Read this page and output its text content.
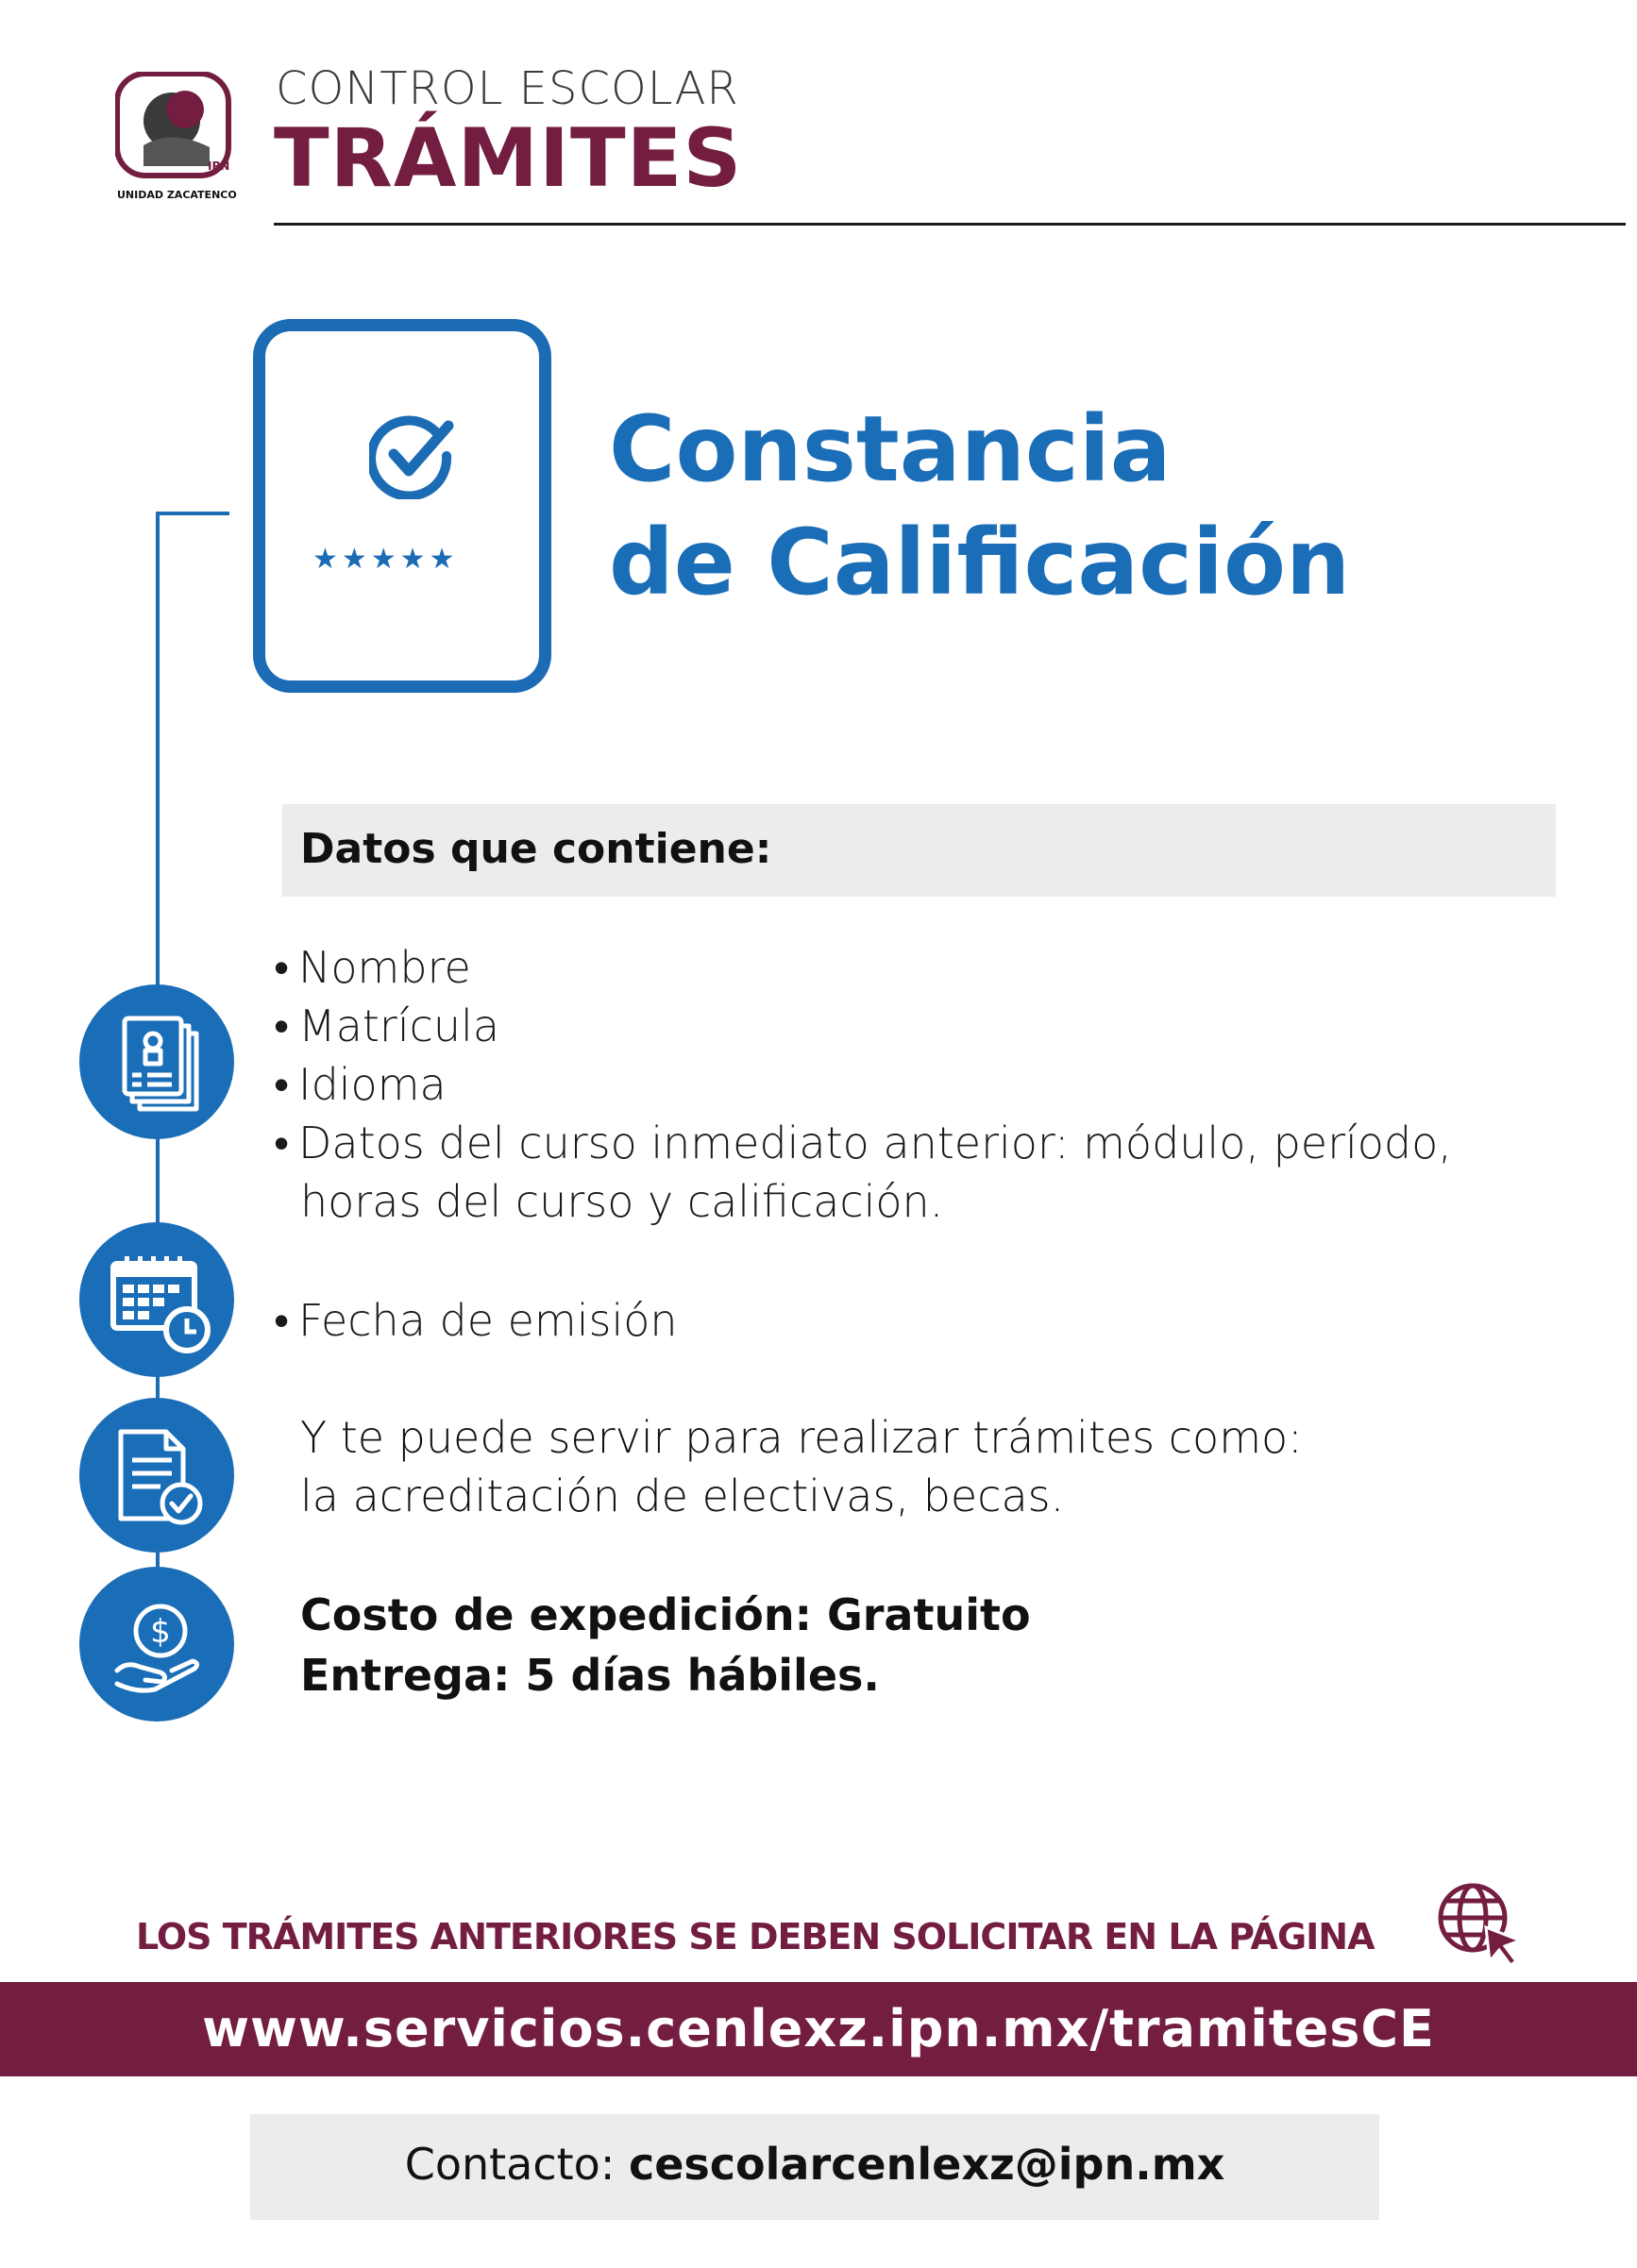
IPN
UNIDAD ZACATENCO
CONTROL ESCOLAR
TRÁMITES
★★★★★
Constancia
de Calificación
$
Datos que contiene:
• Nombre
• Matrícula
• Idioma
• Datos del curso inmediato anterior: módulo, período,
horas del curso y calificación.
• Fecha de emisión
Y te puede servir para realizar trámites como:
la acreditación de electivas, becas.
Costo de expedición: Gratuito
Entrega: 5 días hábiles.
LOS TRÁMITES ANTERIORES SE DEBEN SOLICITAR EN LA PÁGINA
www.servicios.cenlexz.ipn.mx/tramitesCE
Contacto: cescolarcenlexz@ipn.mx
